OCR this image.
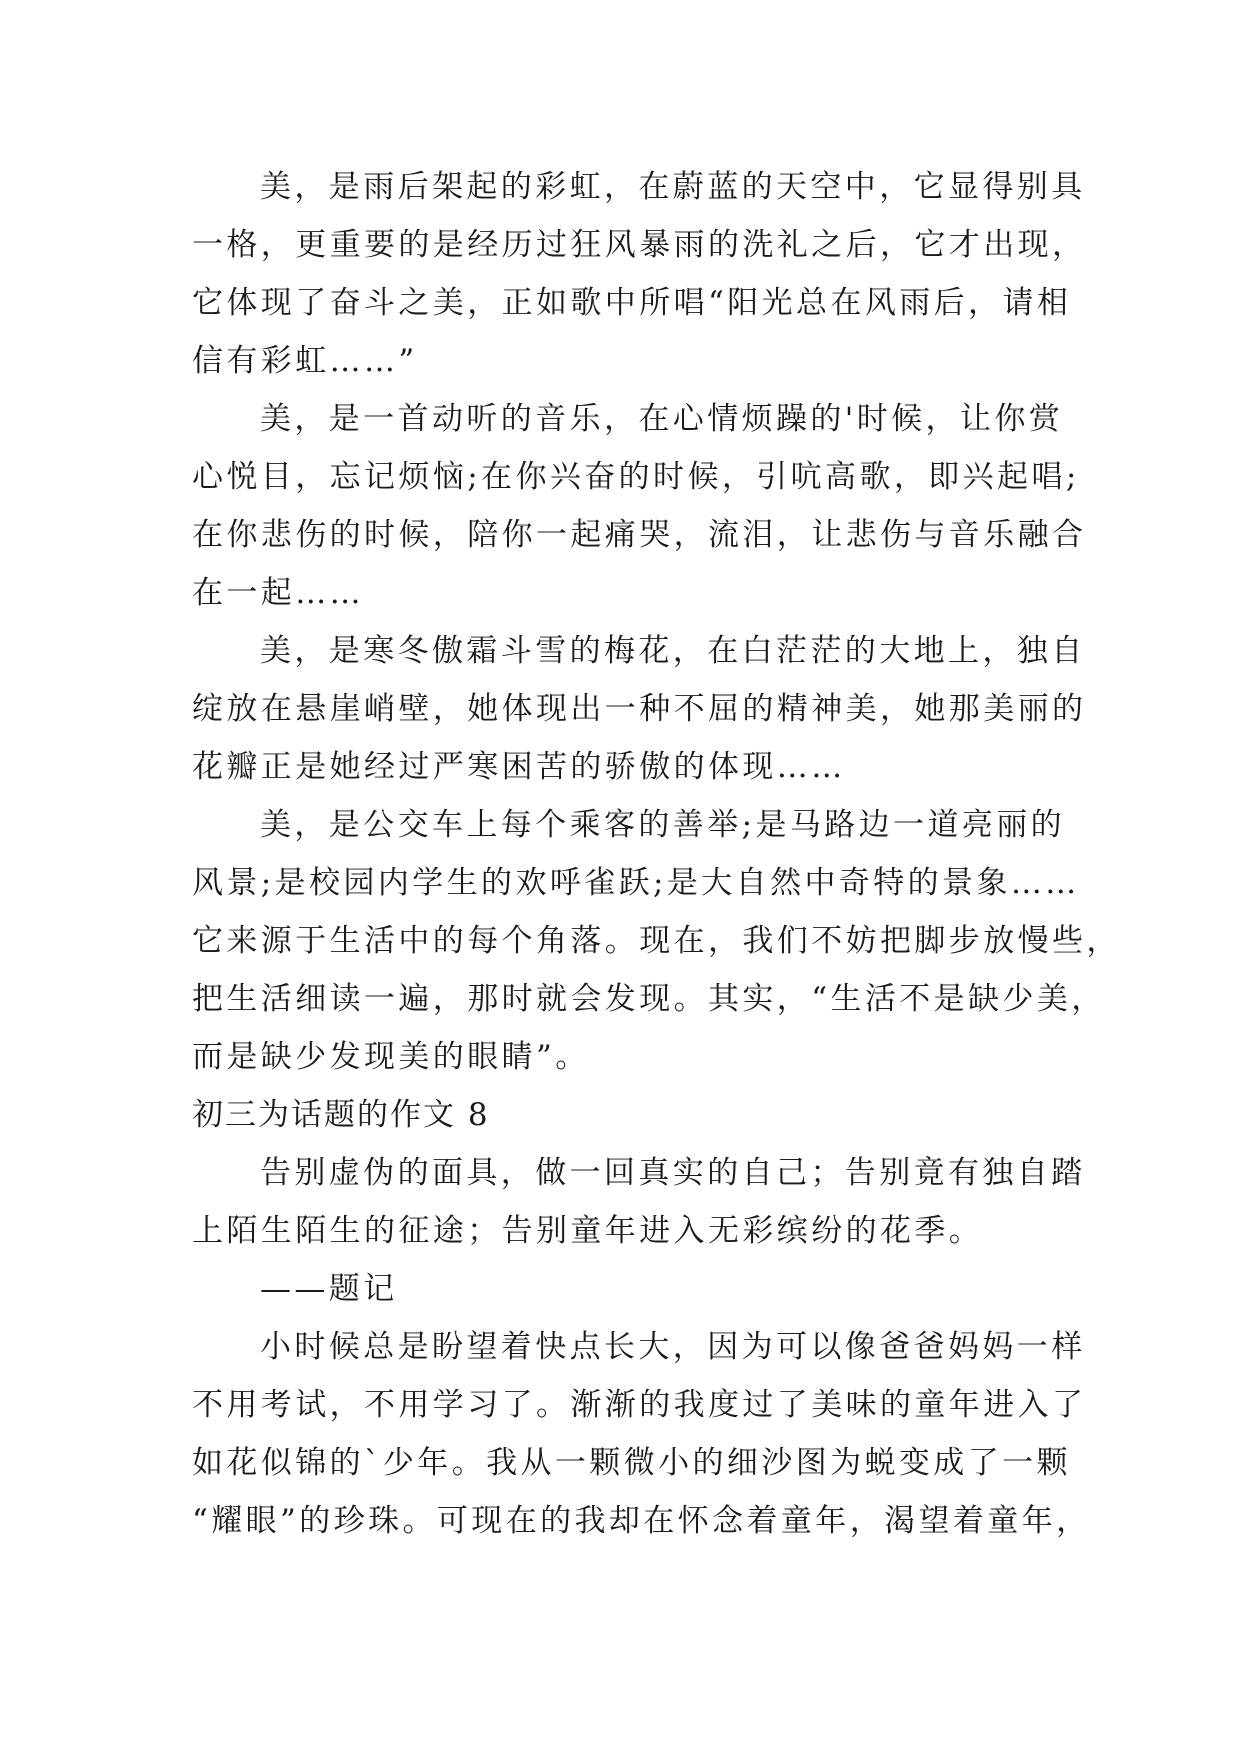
美，是雨后架起的彩虹，在蔚蓝的天空中，它显得别具
一格，更重要的是经历过狂风暴雨的洗礼之后，它才出现，
它体现了奋斗之美，正如歌中所唱“阳光总在风雨后，请相
信有彩虹……”
美，是一首动听的音乐，在心情烦躁的'时候，让你赏
心悦目，忘记烦恼;在你兴奋的时候，引吭高歌，即兴起唱;
在你悲伤的时候，陪你一起痛哭，流泪，让悲伤与音乐融合
在一起……
美，是寒冬傲霜斗雪的梅花，在白茫茫的大地上，独自
绽放在悬崖峭壁，她体现出一种不屈的精神美，她那美丽的
花瓣正是她经过严寒困苦的骄傲的体现……
美，是公交车上每个乘客的善举;是马路边一道亮丽的
风景;是校园内学生的欢呼雀跃;是大自然中奇特的景象……
它来源于生活中的每个角落。现在，我们不妨把脚步放慢些，
把生活细读一遍，那时就会发现。其实，“生活不是缺少美，
而是缺少发现美的眼睛”。
初三为话题的作文 8
告别虚伪的面具，做一回真实的自己；告别竟有独自踏
上陌生陌生的征途；告别童年进入无彩缤纷的花季。
——题记
小时候总是盼望着快点长大，因为可以像爸爸妈妈一样
不用考试，不用学习了。渐渐的我度过了美味的童年进入了
如花似锦的`少年。我从一颗微小的细沙图为蜕变成了一颗
“耀眼”的珍珠。可现在的我却在怀念着童年，渴望着童年，
